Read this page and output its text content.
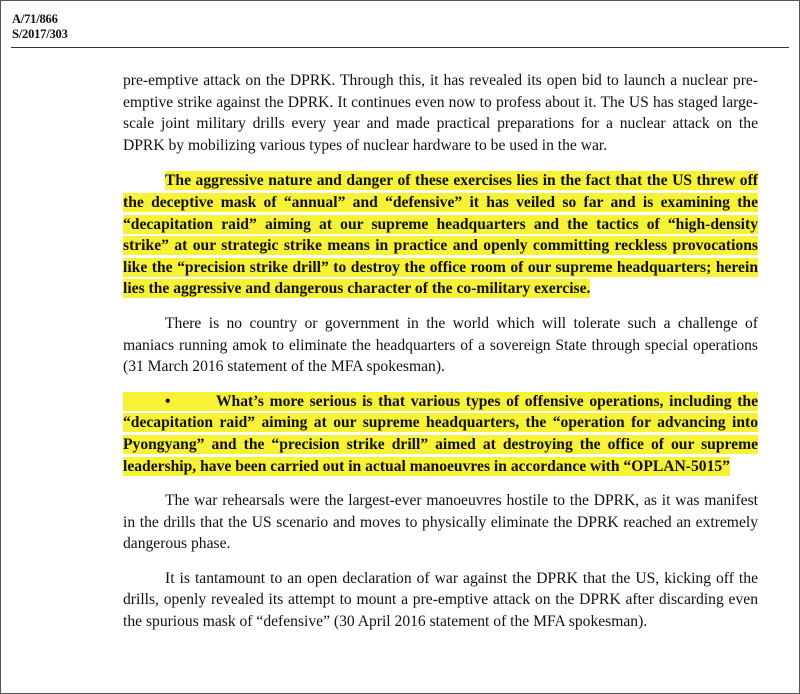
A/71/866
S/2017/303

pre-emptive attack on the DPRK. Through this, it has revealed its open bid to launch a nuclear pre-emptive strike against the DPRK. It continues even now to profess about it. The US has staged large-scale joint military drills every year and made practical preparations for a nuclear attack on the DPRK by mobilizing various types of nuclear hardware to be used in the war.

The aggressive nature and danger of these exercises lies in the fact that the US threw off the deceptive mask of “annual” and “defensive” it has veiled so far and is examining the “decapitation raid” aiming at our supreme headquarters and the tactics of “high-density strike” at our strategic strike means in practice and openly committing reckless provocations like the “precision strike drill” to destroy the office room of our supreme headquarters; herein lies the aggressive and dangerous character of the co-military exercise.

There is no country or government in the world which will tolerate such a challenge of maniacs running amok to eliminate the headquarters of a sovereign State through special operations (31 March 2016 statement of the MFA spokesman).

•	What’s more serious is that various types of offensive operations, including the “decapitation raid” aiming at our supreme headquarters, the “operation for advancing into Pyongyang” and the “precision strike drill” aimed at destroying the office of our supreme leadership, have been carried out in actual manoeuvres in accordance with “OPLAN-5015”

The war rehearsals were the largest-ever manoeuvres hostile to the DPRK, as it was manifest in the drills that the US scenario and moves to physically eliminate the DPRK reached an extremely dangerous phase.

It is tantamount to an open declaration of war against the DPRK that the US, kicking off the drills, openly revealed its attempt to mount a pre-emptive attack on the DPRK after discarding even the spurious mask of “defensive” (30 April 2016 statement of the MFA spokesman).
